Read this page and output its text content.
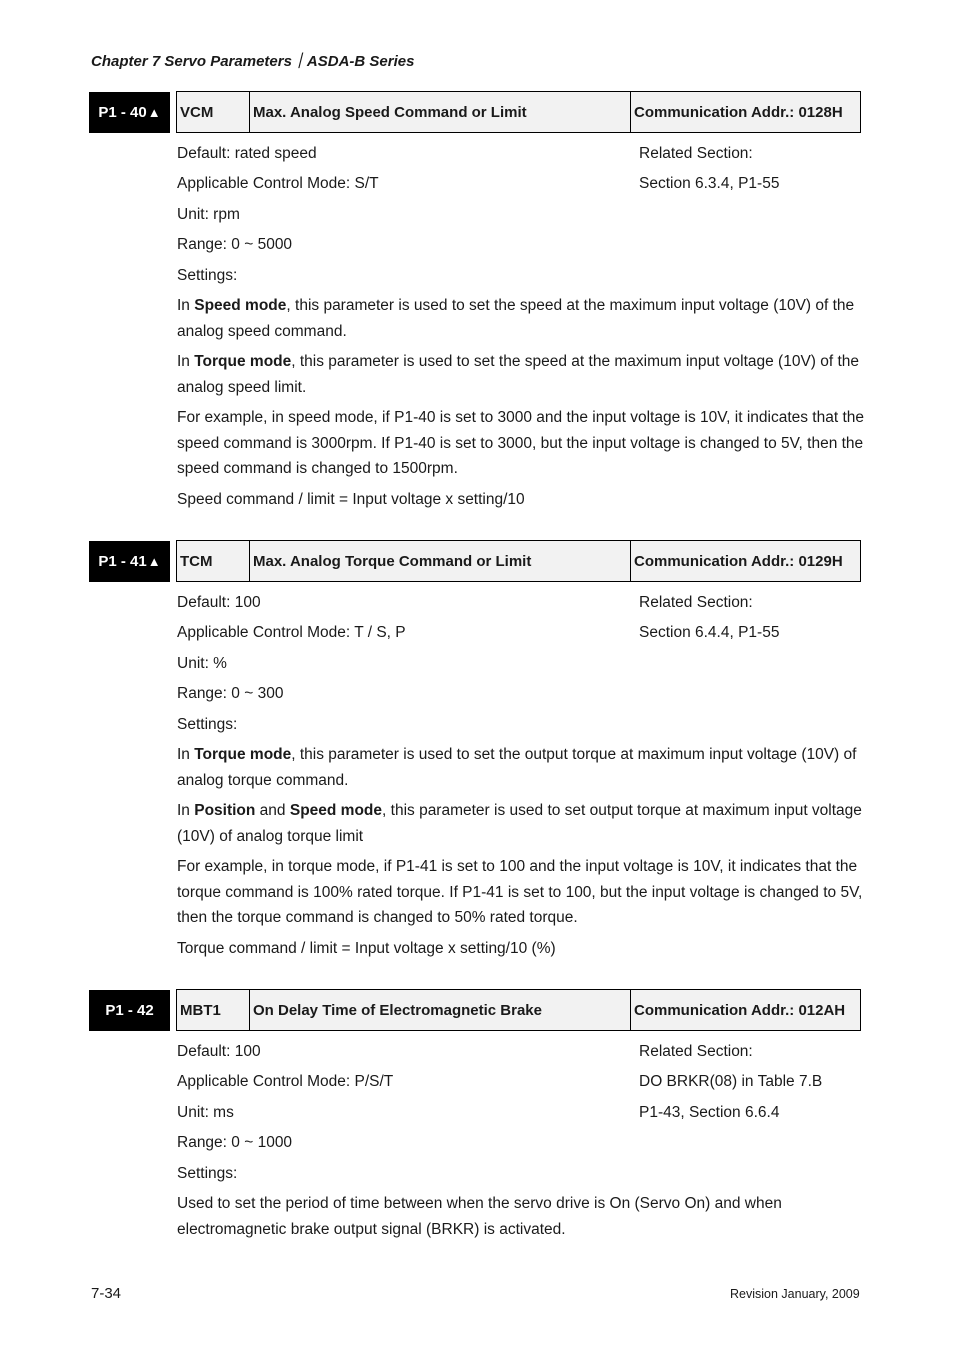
Chapter 7 Servo Parameters｜ASDA-B Series
P1 - 40 ▲ VCM	Max. Analog Speed Command or Limit	Communication Addr.: 0128H
Default: rated speed	Related Section:
Applicable Control Mode: S/T	Section 6.3.4, P1-55
Unit: rpm
Range: 0 ~ 5000
Settings:
In Speed mode, this parameter is used to set the speed at the maximum input voltage (10V) of the analog speed command.
In Torque mode, this parameter is used to set the speed at the maximum input voltage (10V) of the analog speed limit.
For example, in speed mode, if P1-40 is set to 3000 and the input voltage is 10V, it indicates that the speed command is 3000rpm. If P1-40 is set to 3000, but the input voltage is changed to 5V, then the speed command is changed to 1500rpm.
Speed command / limit = Input voltage x setting/10
P1 - 41 ▲ TCM	Max. Analog Torque Command or Limit	Communication Addr.: 0129H
Default: 100	Related Section:
Applicable Control Mode: T / S, P	Section 6.4.4, P1-55
Unit: %
Range: 0 ~ 300
Settings:
In Torque mode, this parameter is used to set the output torque at maximum input voltage (10V) of analog torque command.
In Position and Speed mode, this parameter is used to set output torque at maximum input voltage (10V) of analog torque limit
For example, in torque mode, if P1-41 is set to 100 and the input voltage is 10V, it indicates that the torque command is 100% rated torque. If P1-41 is set to 100, but the input voltage is changed to 5V, then the torque command is changed to 50% rated torque.
Torque command / limit = Input voltage x setting/10 (%)
P1 - 42 MBT1	On Delay Time of Electromagnetic Brake	Communication Addr.: 012AH
Default: 100	Related Section:
Applicable Control Mode: P/S/T	DO BRKR(08) in Table 7.B
Unit: ms	P1-43, Section 6.6.4
Range: 0 ~ 1000
Settings:
Used to set the period of time between when the servo drive is On (Servo On) and when electromagnetic brake output signal (BRKR) is activated.
7-34	Revision January, 2009
